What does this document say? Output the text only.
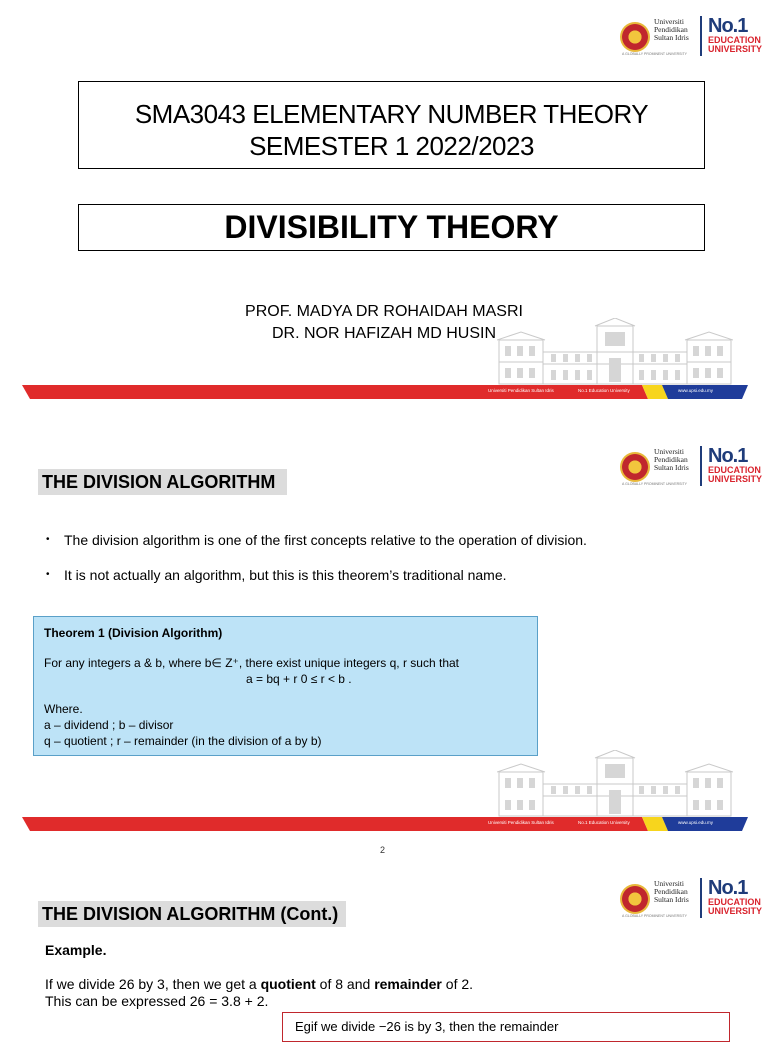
Universiti Pendidikan Sultan Idris
A GLOBALLY PROMINENT UNIVERSITY
No.1
EDUCATION UNIVERSITY
SMA3043 ELEMENTARY NUMBER THEORY
SEMESTER 1 2022/2023
DIVISIBILITY THEORY
PROF. MADYA DR ROHAIDAH MASRI
DR. NOR HAFIZAH MD HUSIN
Universiti Pendidikan Sultan Idris	No.1 Education University	www.upsi.edu.my
Universiti Pendidikan Sultan Idris
A GLOBALLY PROMINENT UNIVERSITY
No.1
EDUCATION UNIVERSITY
THE DIVISION ALGORITHM
• The division algorithm is one of the first concepts relative to the operation of division.
• It is not actually an algorithm, but this is this theorem’s traditional name.
Theorem 1 (Division Algorithm)
For any integers a & b, where b∈ Z⁺, there exist unique integers q, r such that
a = bq + r 0 ≤ r < b .
Where.
a – dividend ; b – divisor
q – quotient ; r – remainder (in the division of a by b)
Universiti Pendidikan Sultan Idris	No.1 Education University	www.upsi.edu.my
2
Universiti Pendidikan Sultan Idris
A GLOBALLY PROMINENT UNIVERSITY
No.1
EDUCATION UNIVERSITY
THE DIVISION ALGORITHM (Cont.)
Example.
If we divide 26 by 3, then we get a quotient of 8 and remainder of 2.
This can be expressed 26 = 3.8 + 2.
Egif we divide −26 is by 3, then the remainder
